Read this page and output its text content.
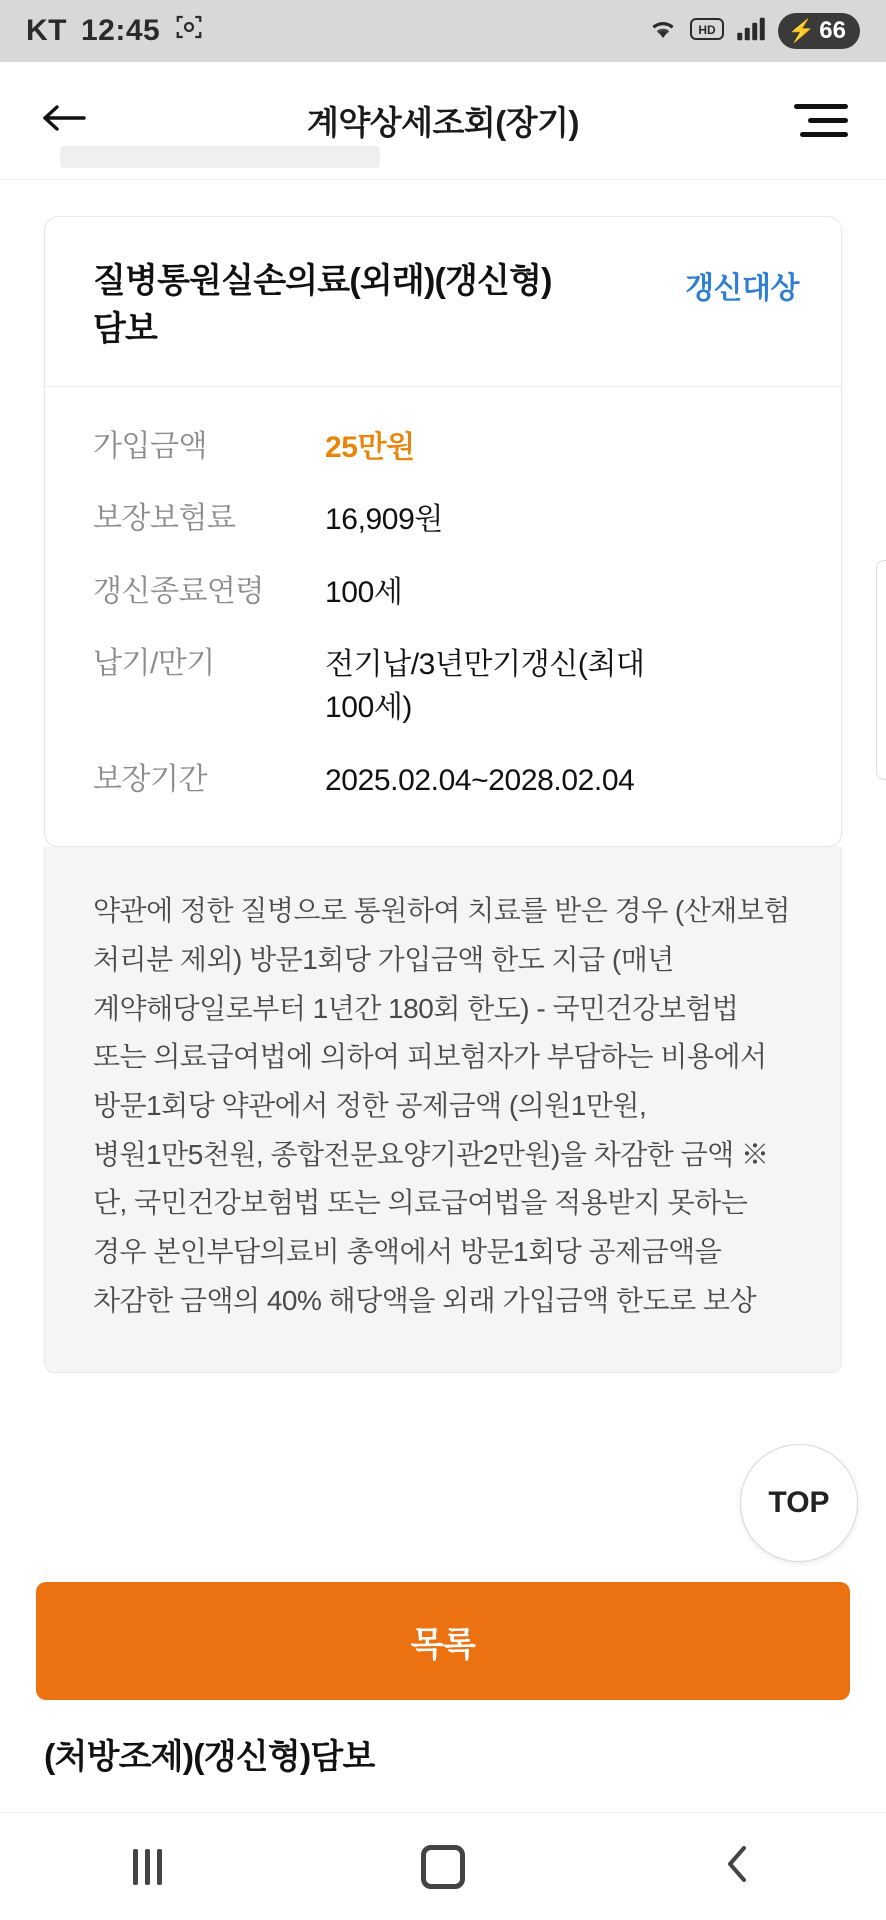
KT 12:45	HD	⚡ 66
계약상세조회(장기)
질병통원실손의료(외래)(갱신형)담보
갱신대상
가입금액	25만원
보장보험료	16,909원
갱신종료연령	100세
납기/만기	전기납/3년만기갱신(최대100세)
보장기간	2025.02.04~2028.02.04
약관에 정한 질병으로 통원하여 치료를 받은 경우 (산재보험 처리분 제외) 방문1회당 가입금액 한도 지급 (매년 계약해당일로부터 1년간 180회 한도) - 국민건강보험법 또는 의료급여법에 의하여 피보험자가 부담하는 비용에서 방문1회당 약관에서 정한 공제금액 (의원1만원, 병원1만5천원, 종합전문요양기관2만원)을 차감한 금액 ※ 단, 국민건강보험법 또는 의료급여법을 적용받지 못하는 경우 본인부담의료비 총액에서 방문1회당 공제금액을 차감한 금액의 40% 해당액을 외래 가입금액 한도로 보상
TOP
목록
(처방조제)(갱신형)담보
